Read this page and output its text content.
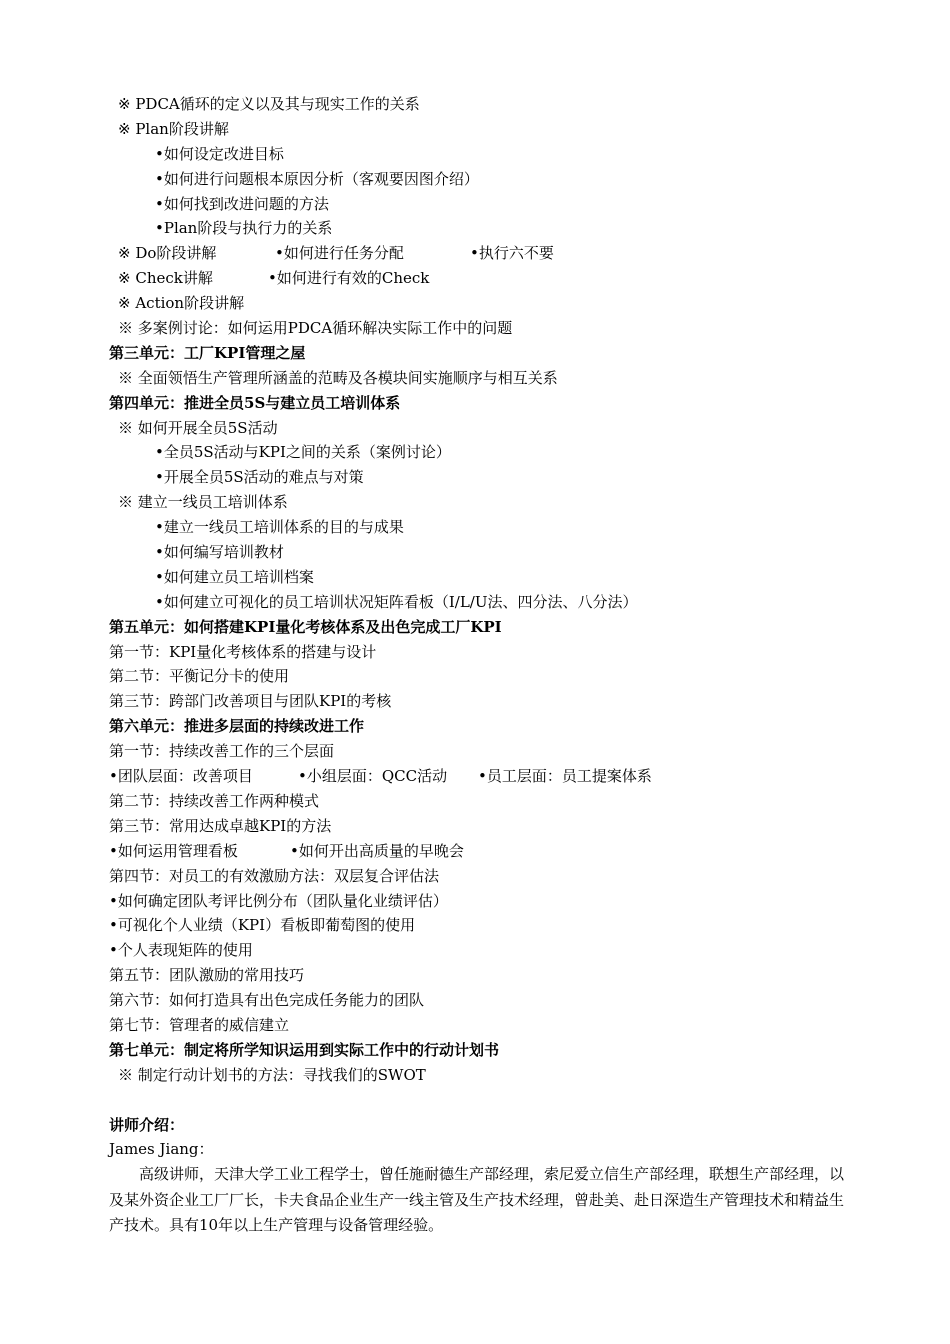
※ PDCA循环的定义以及其与现实工作的关系
※ Plan阶段讲解
•如何设定改进目标
•如何进行问题根本原因分析（客观要因图介绍）
•如何找到改进问题的方法
•Plan阶段与执行力的关系
※ Do阶段讲解	•如何进行任务分配	•执行六不要
※ Check讲解	•如何进行有效的Check
※ Action阶段讲解
※ 多案例讨论：如何运用PDCA循环解决实际工作中的问题
第三单元：工厂KPI管理之屋
※ 全面领悟生产管理所涵盖的范畴及各模块间实施顺序与相互关系
第四单元：推进全员5S与建立员工培训体系
※ 如何开展全员5S活动
•全员5S活动与KPI之间的关系（案例讨论）
•开展全员5S活动的难点与对策
※ 建立一线员工培训体系
•建立一线员工培训体系的目的与成果
•如何编写培训教材
•如何建立员工培训档案
•如何建立可视化的员工培训状况矩阵看板（I/L/U法、四分法、八分法）
第五单元：如何搭建KPI量化考核体系及出色完成工厂KPI
第一节：KPI量化考核体系的搭建与设计
第二节：平衡记分卡的使用
第三节：跨部门改善项目与团队KPI的考核
第六单元：推进多层面的持续改进工作
第一节：持续改善工作的三个层面
•团队层面：改善项目	•小组层面：QCC活动 •员工层面：员工提案体系
第二节：持续改善工作两种模式
第三节：常用达成卓越KPI的方法
•如何运用管理看板	•如何开出高质量的早晚会
第四节：对员工的有效激励方法：双层复合评估法
•如何确定团队考评比例分布（团队量化业绩评估）
•可视化个人业绩（KPI）看板即葡萄图的使用
•个人表现矩阵的使用
第五节：团队激励的常用技巧
第六节：如何打造具有出色完成任务能力的团队
第七节：管理者的威信建立
第七单元：制定将所学知识运用到实际工作中的行动计划书
※ 制定行动计划书的方法：寻找我们的SWOT
讲师介绍：
James Jiang：
高级讲师，天津大学工业工程学士，曾任施耐德生产部经理，索尼爱立信生产部经理，联想生产部经理，以及某外资企业工厂厂长，卡夫食品企业生产一线主管及生产技术经理，曾赴美、赴日深造生产管理技术和精益生产技术。具有10年以上生产管理与设备管理经验。
